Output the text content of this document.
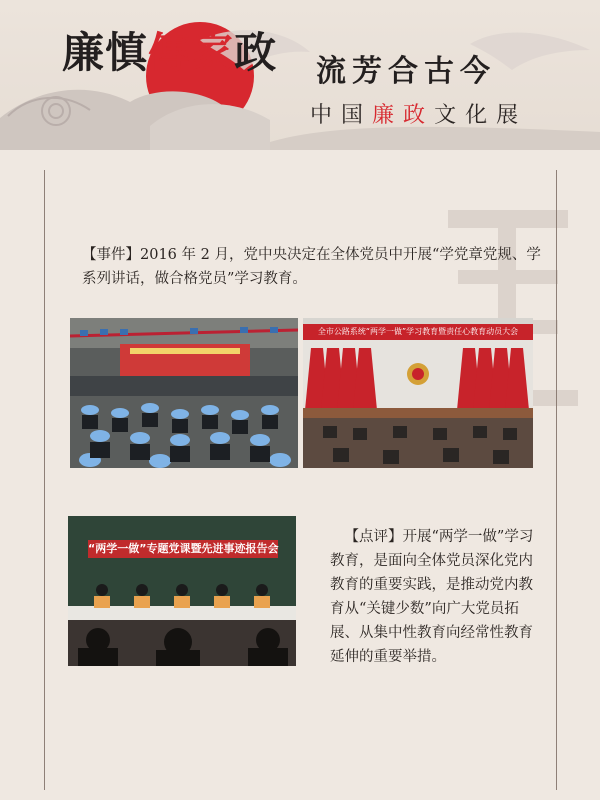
廉慎傳家政 流芳合古今
中国廉政文化展
【事件】2016 年 2 月，党中央决定在全体党员中开展“学党章党规、学系列讲话，做合格党员”学习教育。
全市公路系统“两学一做”学习教育暨责任心教育动员大会
“两学一做”专题党课暨先进事迹报告会
【点评】开展“两学一做”学习教育，是面向全体党员深化党内教育的重要实践，是推动党内教育从“关键少数”向广大党员拓展、从集中性教育向经常性教育延伸的重要举措。
